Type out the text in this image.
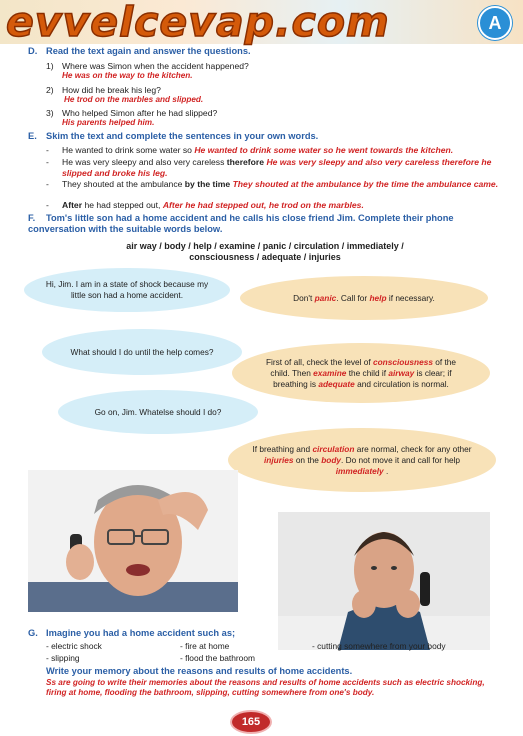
evvelcevap.com	A
D. Read the text again and answer the questions.
1) Where was Simon when the accident happened?
He was on the way to the kitchen.
2) How did he break his leg?
He trod on the marbles and slipped.
3) Who helped Simon after he had slipped?
His parents helped him.
E. Skim the text and complete the sentences in your own words.
- He wanted to drink some water so He wanted to drink some water so he went towards the kitchen.
- He was very sleepy and also very careless therefore He was very sleepy and also very careless therefore he slipped and broke his leg.
- They shouted at the ambulance by the time They shouted at the ambulance by the time the ambulance came.
- After he had stepped out, After he had stepped out, he trod on the marbles.
F. Tom's little son had a home accident and he calls his close friend Jim. Complete their phone conversation with the suitable words below.
air way / body / help / examine / panic / circulation / immediately /
consciousness / adequate / injuries
Hi, Jim. I am in a state of shock because my little son had a home accident.	Don't panic. Call for help if necessary.
What should I do until the help comes?
First of all, check the level of consciousness of the child. Then examine the child if airway is clear; if breathing is adequate and circulation is normal.
Go on, Jim. Whatelse should I do?
If breathing and circulation are normal, check for any other injuries on the body. Do not move it and call for help immediately .
G. Imagine you had a home accident such as;
- electric shock
- slipping
- fire at home
- flood the bathroom
- cutting somewhere from your body
Write your memory about the reasons and results of home accidents.
Ss are going to write their memories about the reasons and results of home accidents such as electric shocking, firing at home, flooding the bathroom, slipping, cutting somewhere from one's body.
165
